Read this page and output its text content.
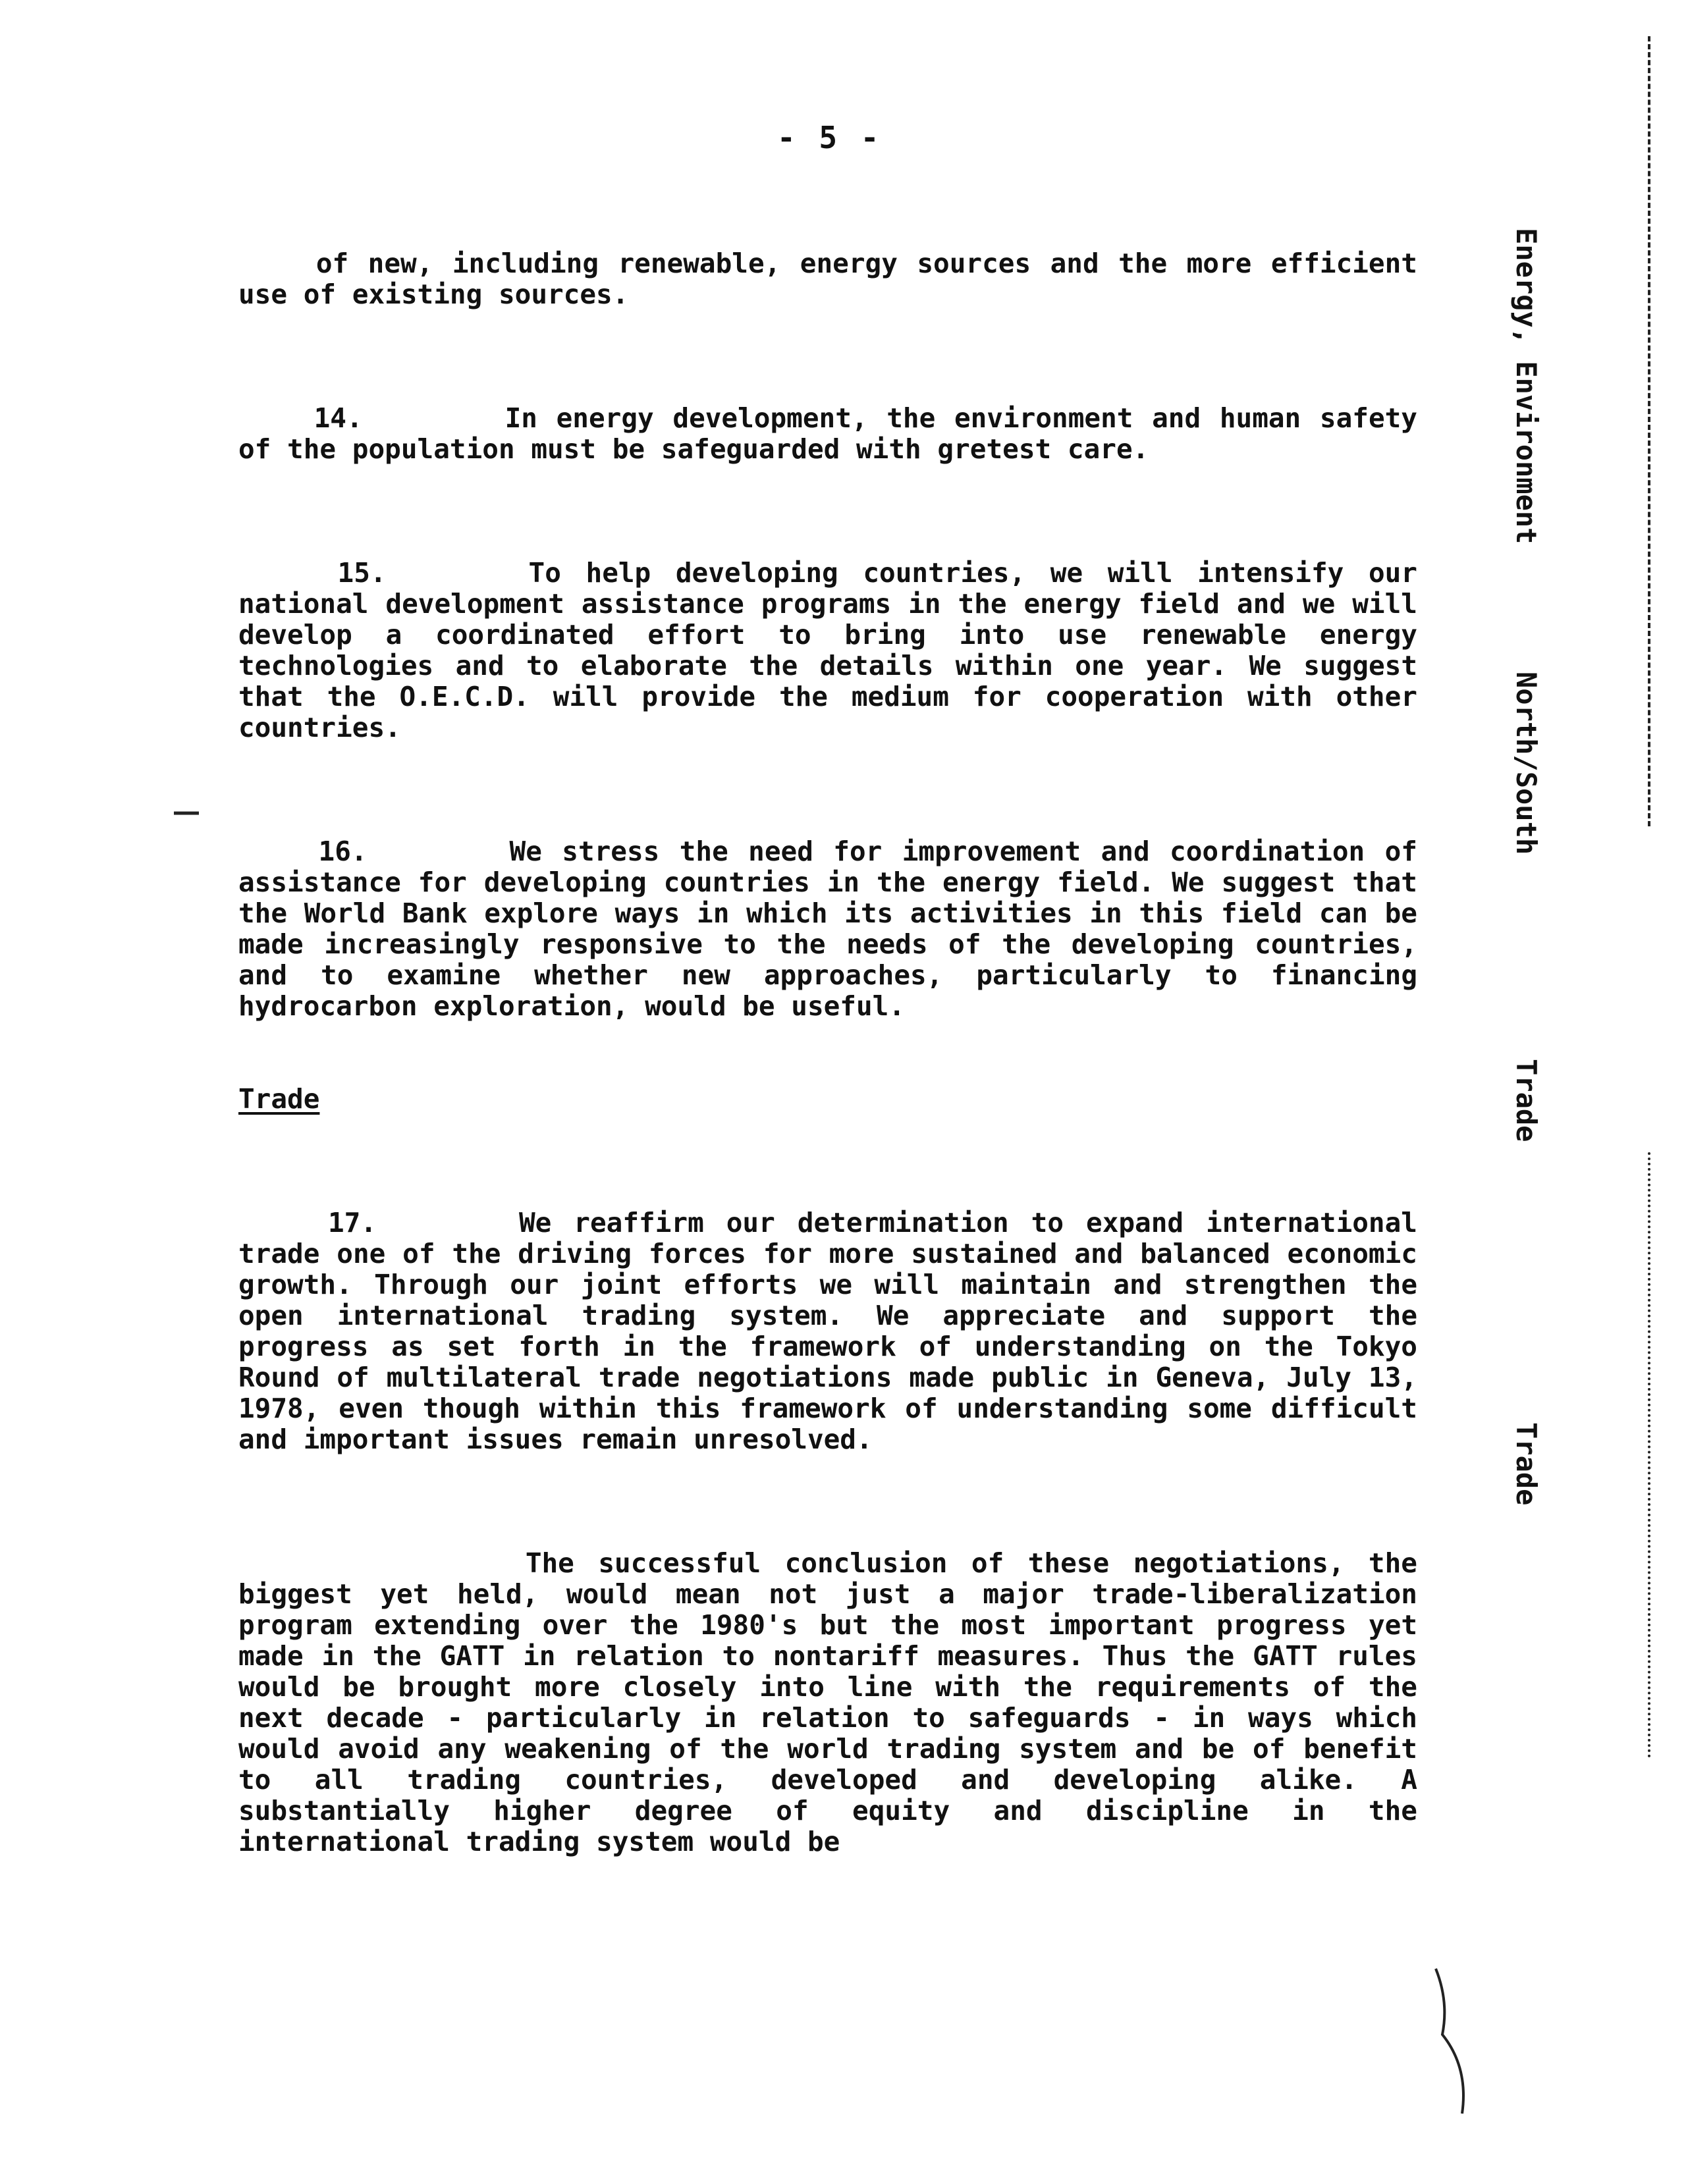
- 5 -

of new, including renewable, energy sources and the more efficient use of existing sources.

14.	In energy development, the environment and human safety of the population must be safeguarded with gretest care.

15.	To help developing countries, we will intensify our national development assistance programs in the energy field and we will develop a coordinated effort to bring into use renewable energy technologies and to elaborate the details within one year. We suggest that the O.E.C.D. will provide the medium for cooperation with other countries.

16.	We stress the need for improvement and coordination of assistance for developing countries in the energy field. We suggest that the World Bank explore ways in which its activities in this field can be made increasingly responsive to the needs of the developing countries, and to examine whether new approaches, particularly to financing hydrocarbon exploration, would be useful.

Trade

17.	We reaffirm our determination to expand international trade one of the driving forces for more sustained and balanced economic growth. Through our joint efforts we will maintain and strengthen the open international trading system. We appreciate and support the progress as set forth in the framework of understanding on the Tokyo Round of multilateral trade negotiations made public in Geneva, July 13, 1978, even though within this framework of understanding some difficult and important issues remain unresolved.

The successful conclusion of these negotiations, the biggest yet held, would mean not just a major trade-liberalization program extending over the 1980's but the most important progress yet made in the GATT in relation to nontariff measures. Thus the GATT rules would be brought more closely into line with the requirements of the next decade - particularly in relation to safeguards - in ways which would avoid any weakening of the world trading system and be of benefit to all trading countries, developed and developing alike. A substantially higher degree of equity and discipline in the international trading system would be

Energy, Environment
North/South
Trade
Trade
